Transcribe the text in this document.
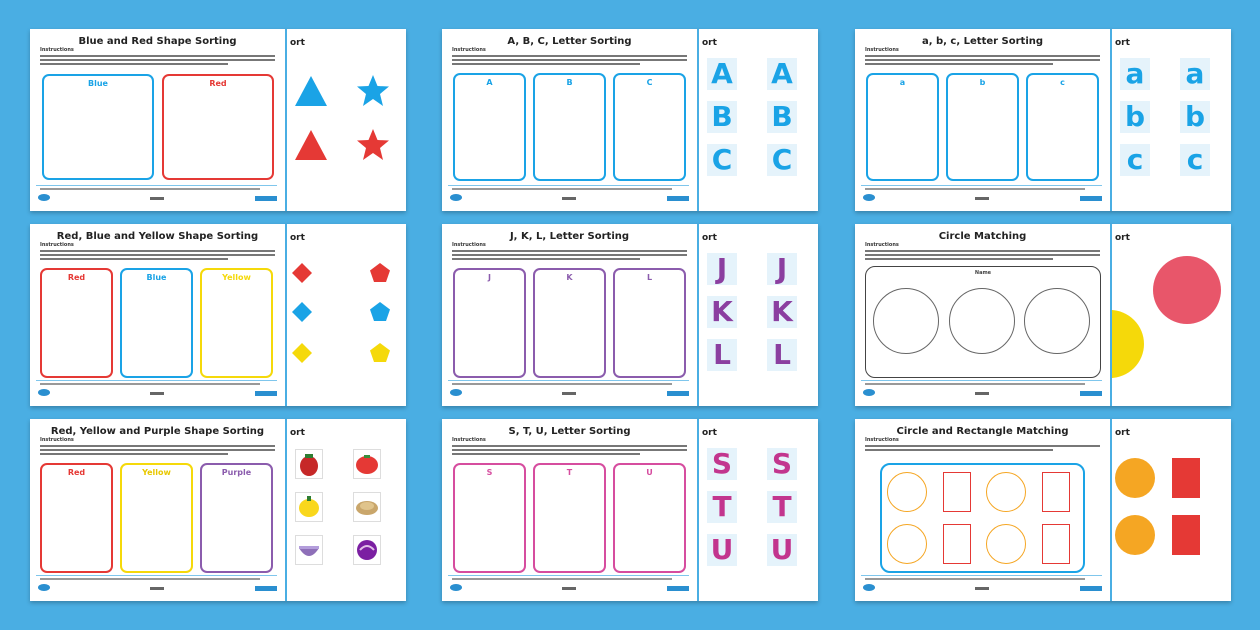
Blue and Red Shape Sorting
Instructions
Blue	Red
ort	A, B, C, Letter Sorting
Instructions
A	B	C
ort
A A
B B
C C
a, b, c, Letter Sorting
Instructions
a	b	c
ort
a a
b b
c c
Red, Blue and Yellow Shape Sorting
Instructions
Red	Blue	Yellow
ort	J, K, L, Letter Sorting
Instructions
J	K	L
ort
J	J
K K
L L
Circle Matching
Instructions
Name
ort
Red, Yellow and Purple Shape Sorting
Instructions
Red	Yellow	Purple
ort	S, T, U, Letter Sorting
Instructions
S	T	U
ort
S S
T T
U U
Circle and Rectangle Matching
Instructions
ort
